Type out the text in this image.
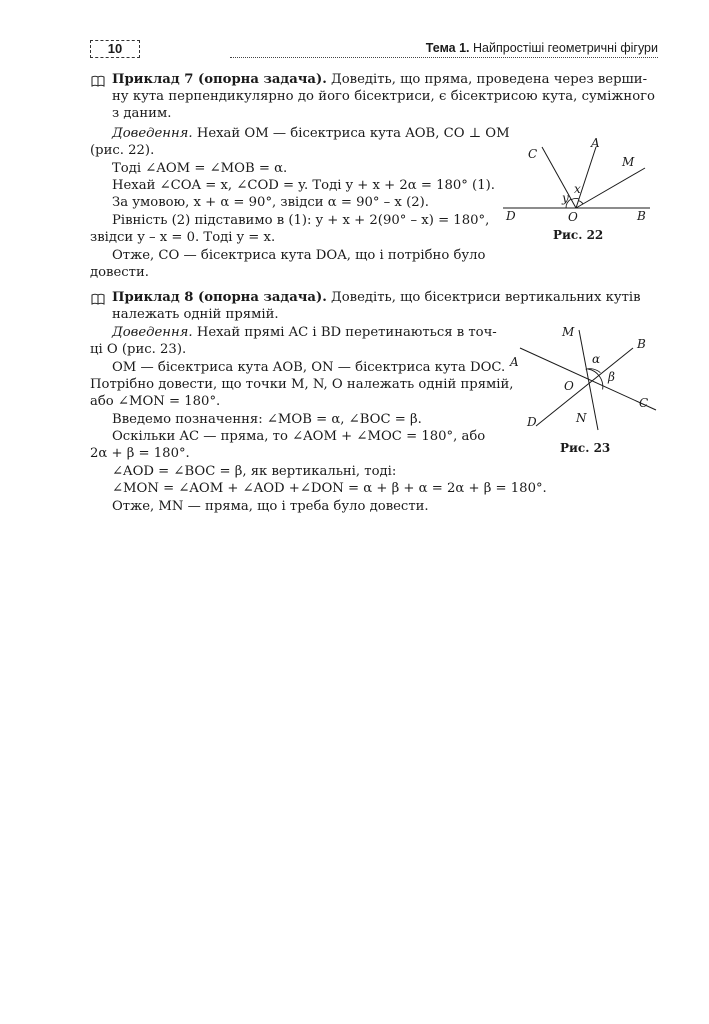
10	Тема 1. Найпростіші геометричні фігури
Приклад 7 (опорна задача). Доведіть, що пряма, проведена через верши-
ну кута перпендикулярно до його бісектриси, є бісектрисою кута, суміжного
з даним.
Доведення. Нехай OM — бісектриса кута AOB, CO ⊥ OM
(рис. 22).
Тоді ∠AOM = ∠MOB = α.
Нехай ∠COA = x, ∠COD = y. Тоді y + x + 2α = 180° (1).
За умовою, x + α = 90°, звідси α = 90° – x (2).
Рівність (2) підставимо в (1): y + x + 2(90° – x) = 180°,
звідси y – x = 0. Тоді y = x.
Отже, CO — бісектриса кута DOA, що і потрібно було
довести.
C
A
M
x
y
D	O	B
Рис. 22
Приклад 8 (опорна задача). Доведіть, що бісектриси вертикальних кутів
належать одній прямій.
Доведення. Нехай прямі AC і BD перетинаються в точ-
ці O (рис. 23).
OM — бісектриса кута AOB, ON — бісектриса кута DOC.
Потрібно довести, що точки M, N, O належать одній прямій,
або ∠MON = 180°.
Введемо позначення: ∠MOB = α, ∠BOC = β.
Оскільки AC — пряма, то ∠AOM + ∠MOC = 180°, або
2α + β = 180°.
∠AOD = ∠BOC = β, як вертикальні, тоді:
∠MON = ∠AOM + ∠AOD +∠DON = α + β + α = 2α + β = 180°.
Отже, MN — пряма, що і треба було довести.
M
B
A	α
β
O
C
D	N
Рис. 23
